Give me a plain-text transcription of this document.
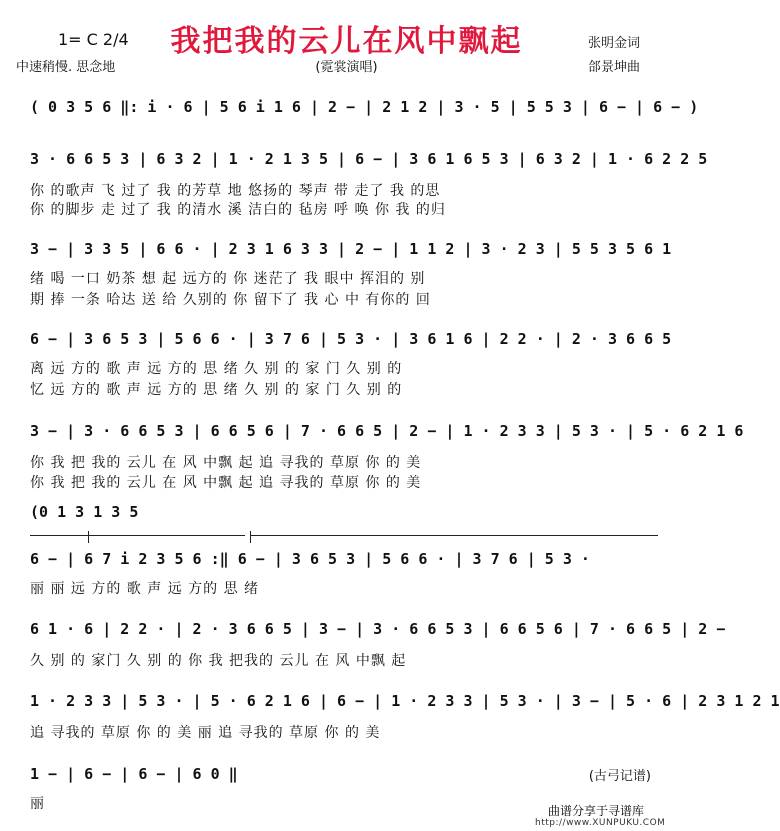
我把我的云儿在风中飘起
1= C 2/4
中速稍慢. 思念地	(霓裳演唱)
张明金词
郃景坤曲
( 0 3 5 6 ‖: i · 6 | 5 6 i 1 6 | 2 − | 2 1 2 | 3 · 5 | 5 5 3 | 6 − | 6 − )
3 · 6 6 5 3 | 6 3 2 | 1 · 2 1 3 5 | 6 − | 3 6 1 6 5 3 | 6 3 2 | 1 · 6 2 2 5
你 的歌声 飞 过了 我 的芳草 地 悠扬的 琴声 带 走了 我 的思
你 的脚步 走 过了 我 的清水 溪 洁白的 毡房 呼 唤 你 我 的归
3 − | 3 3 5 | 6 6 · | 2 3 1 6 3 3 | 2 − | 1 1 2 | 3 · 2 3 | 5 5 3 5 6 1
绪 喝 一口 奶茶 想 起 远方的 你 迷茫了 我 眼中 挥泪的 别
期 捧 一条 哈达 送 给 久别的 你 留下了 我 心 中 有你的 回
6 − | 3 6 5 3 | 5 6 6 · | 3 7 6 | 5 3 · | 3 6 1 6 | 2 2 · | 2 · 3 6 6 5
离 远 方的 歌 声 远 方的 思 绪 久 别 的 家 门 久 别 的
忆 远 方的 歌 声 远 方的 思 绪 久 别 的 家 门 久 别 的
3 − | 3 · 6 6 5 3 | 6 6 5 6 | 7 · 6 6 5 | 2 − | 1 · 2 3 3 | 5 3 · | 5 · 6 2 1 6
你 我 把 我的 云儿 在 风 中飘 起 追 寻我的 草原 你 的 美
你 我 把 我的 云儿 在 风 中飘 起 追 寻我的 草原 你 的 美
(0 1 3 1 3 5
6 − | 6 7 i 2 3 5 6 :‖ 6 − | 3 6 5 3 | 5 6 6 · | 3 7 6 | 5 3 ·
丽 丽 远 方的 歌 声 远 方的 思 绪
6 1 · 6 | 2 2 · | 2 · 3 6 6 5 | 3 − | 3 · 6 6 5 3 | 6 6 5 6 | 7 · 6 6 5 | 2 −
久 别 的 家门 久 别 的 你 我 把我的 云儿 在 风 中飘 起
1 · 2 3 3 | 5 3 · | 5 · 6 2 1 6 | 6 − | 1 · 2 3 3 | 5 3 · | 3 − | 5 · 6 | 2 3 1 2 1
追 寻我的 草原 你 的 美 丽 追 寻我的 草原 你 的 美
1 − | 6 − | 6 − | 6 0 ‖
丽
(古弓记谱)
曲谱分享于寻谱库
http://www.XUNPUKU.COM
